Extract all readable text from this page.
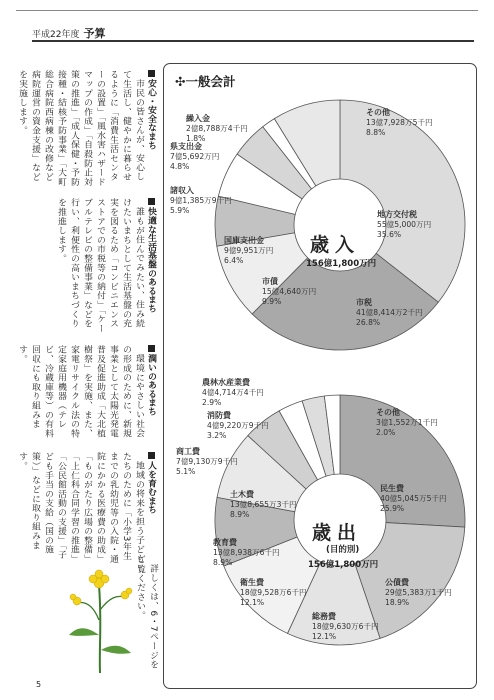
平成22年度 予算
安心・安全なまち
市民の皆さんが、安心して生活し、健やかに暮らせるように「消費生活センターの設置」「風水害ハザードマップの作成」「自殺防止対策の推進」「成人保健・予防接種・結核予防事業」「大町総合病院西病棟の改修など病院運営の資金支援」などを実施します。
快適な生活基盤のあるまち
誰もが住んでみたい、住み続けたいまちとして生活基盤の充実を図るため「コンビニエンスストアでの市税等の納付」「ケーブルテレビの整備事業」などを行い、利便性の高いまちづくりを推進します。
潤いのあるまち
環境にやさしい社会の形成のために、新規事業として太陽光発電普及促進助成「大北植樹祭」を実施、また、家電リサイクル法の特定家庭用機器（テレビ、冷蔵庫等）の有料回収にも取り組みます。
人を育むまち
地域の将来を担う子どもたちのために「小学3年生までの乳幼児等の入院・通院にかかる医療費の助成」「ものがたり広場の整備」「上仁科合同学習の推進」「公民館活動の支援」「子ども手当の支給（国の施策）」などに取り組みます。
詳しくは、6・7ページをご覧ください。
5
✣一般会計
地方交付税
55億5,000万円
35.6%
市税
41億8,414万2千円
26.8%
市債
15億4,640万円
9.9%
国庫支出金
9億9,951万円
6.4%
諸収入
9億1,385万9千円
5.9%
県支出金
7億5,692万円
4.8%
繰入金
2億8,788万4千円
1.8%
その他
13億7,928万5千円
8.8%
歳入
156億1,800万円
民生費
40億5,045万5千円
25.9%
公債費
29億5,383万1千円
18.9%
総務費
18億9,630万6千円
12.1%
衛生費
18億9,528万6千円
12.1%
教育費
13億8,938万6千円
8.9%
土木費
13億8,655万3千円
8.9%
商工費
7億9,130万9千円
5.1%
消防費
4億9,220万9千円
3.2%
農林水産業費
4億4,714万4千円
2.9%
その他
3億1,552万1千円
2.0%
歳出
(目的別)
156億1,800万円
